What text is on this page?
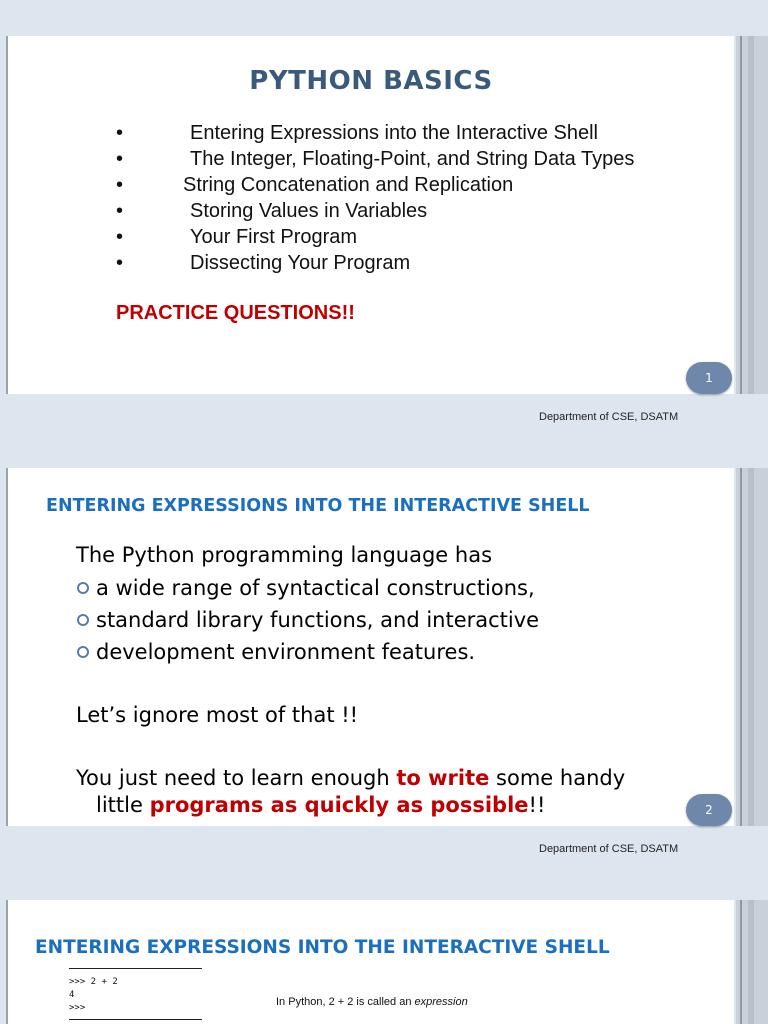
PYTHON BASICS
•	Entering Expressions into the Interactive Shell
•	The Integer, Floating-Point, and String Data Types
•	String Concatenation and Replication
•	Storing Values in Variables
•	Your First Program
•	Dissecting Your Program
PRACTICE QUESTIONS!!
1
Department of CSE, DSATM
ENTERING EXPRESSIONS INTO THE INTERACTIVE SHELL
The Python programming language has
a wide range of syntactical constructions,
standard library functions, and interactive
development environment features.
Let’s ignore most of that !!
You just need to learn enough to write some handy
little programs as quickly as possible!!	2
Department of CSE, DSATM
ENTERING EXPRESSIONS INTO THE INTERACTIVE SHELL
>>> 2 + 2
4
>>>	In Python, 2 + 2 is called an expression
